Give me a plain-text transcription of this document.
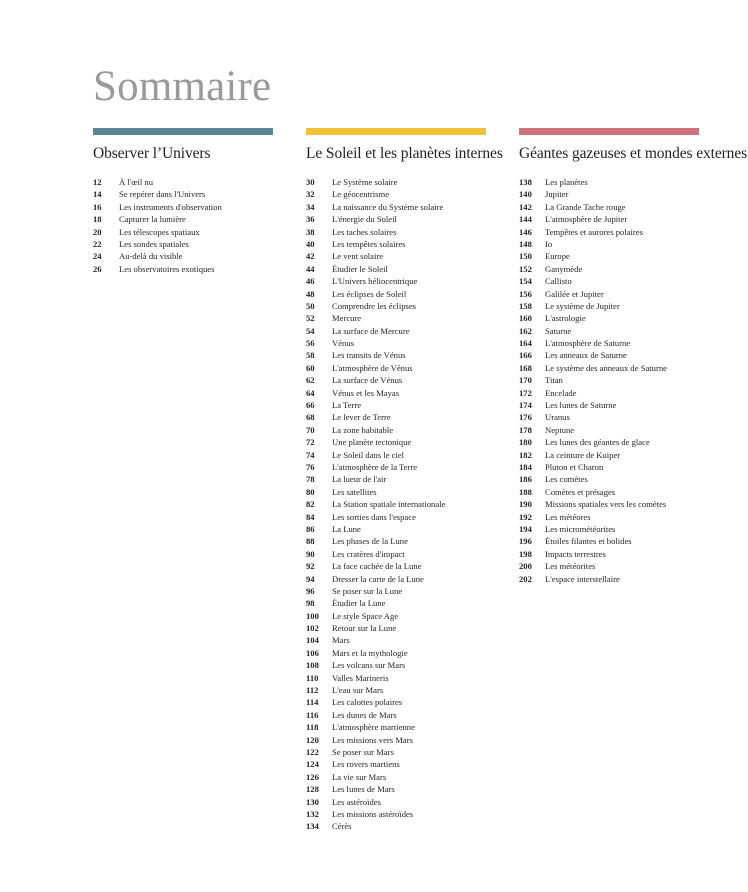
Sommaire
Observer l’Univers
12	À l'œil nu
14	Se repérer dans l'Univers
16	Les instruments d'observation
18	Capturer la lumière
20	Les télescopes spatiaux
22	Les sondes spatiales
24	Au-delà du visible
26	Les observatoires exotiques
Le Soleil et les planètes internes
30	Le Système solaire
32	Le géocentrisme
34	La naissance du Système solaire
36	L'énergie du Soleil
38	Les taches solaires
40	Les tempêtes solaires
42	Le vent solaire
44	Étudier le Soleil
46	L'Univers héliocentrique
48	Les éclipses de Soleil
50	Comprendre les éclipses
52	Mercure
54	La surface de Mercure
56	Vénus
58	Les transits de Vénus
60	L'atmosphère de Vénus
62	La surface de Vénus
64	Vénus et les Mayas
66	La Terre
68	Le lever de Terre
70	La zone habitable
72	Une planète tectonique
74	Le Soleil dans le ciel
76	L'atmosphère de la Terre
78	La lueur de l'air
80	Les satellites
82	La Station spatiale internationale
84	Les sorties dans l'espace
86	La Lune
88	Les phases de la Lune
90	Les cratères d'impact
92	La face cachée de la Lune
94	Dresser la carte de la Lune
96	Se poser sur la Lune
98	Étudier la Lune
100	Le style Space Age
102	Retour sur la Lune
104	Mars
106	Mars et la mythologie
108	Les volcans sur Mars
110	Valles Marineris
112	L'eau sur Mars
114	Les calottes polaires
116	Les dunes de Mars
118	L'atmosphère martienne
120	Les missions vers Mars
122	Se poser sur Mars
124	Les rovers martiens
126	La vie sur Mars
128	Les lunes de Mars
130	Les astéroïdes
132	Les missions astéroïdes
134	Cérès
Géantes gazeuses et mondes externes
138	Les planètes
140	Jupiter
142	La Grande Tache rouge
144	L'atmosphère de Jupiter
146	Tempêtes et aurores polaires
148	Io
150	Europe
152	Ganymède
154	Callisto
156	Galilée et Jupiter
158	Le système de Jupiter
160	L'astrologie
162	Saturne
164	L'atmosphère de Saturne
166	Les anneaux de Saturne
168	Le système des anneaux de Saturne
170	Titan
172	Encelade
174	Les lunes de Saturne
176	Uranus
178	Neptune
180	Les lunes des géantes de glace
182	La ceinture de Kuiper
184	Pluton et Charon
186	Les comètes
188	Comètes et présages
190	Missions spatiales vers les comètes
192	Les météores
194	Les micrométéorites
196	Étoiles filantes et bolides
198	Impacts terrestres
200	Les météorites
202	L'espace interstellaire
